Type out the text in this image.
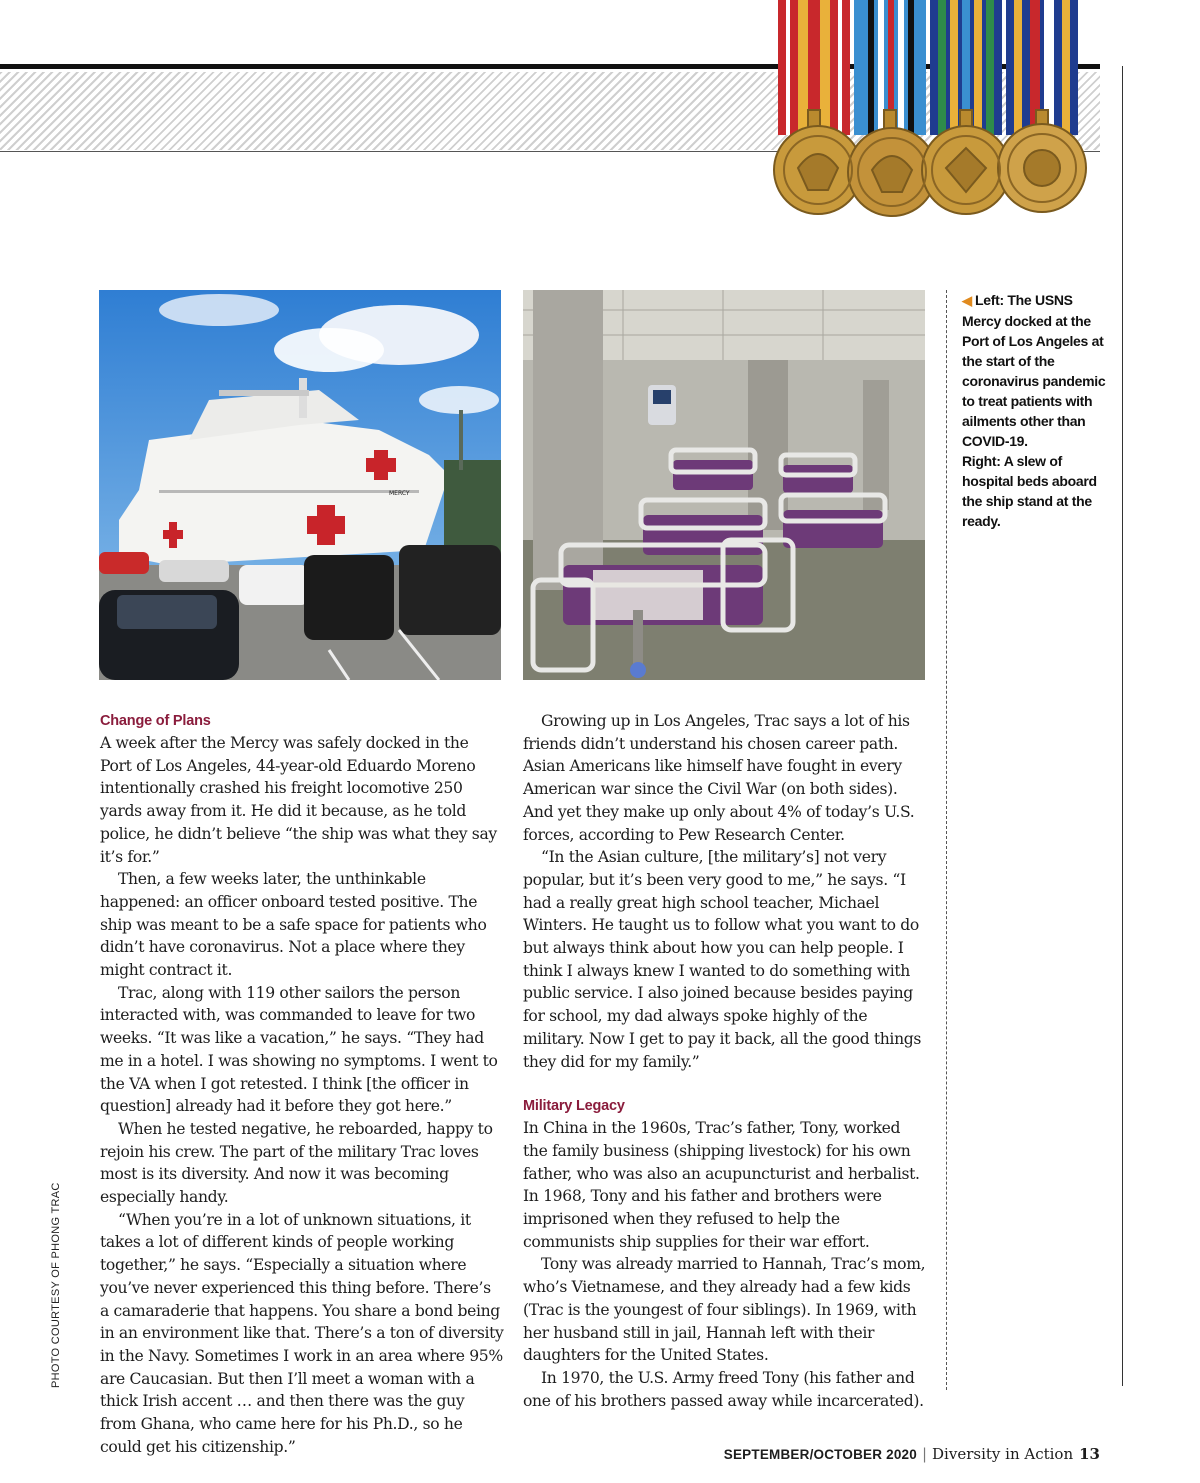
MERCY

◀ Left: The USNS Mercy docked at the Port of Los Angeles at the start of the coronavirus pandemic to treat patients with ailments other than COVID-19.

Right: A slew of hospital beds aboard the ship stand at the ready.

PHOTO COURTESY OF PHONG TRAC
Change of Plans

A week after the Mercy was safely docked in the Port of Los Angeles, 44-year-old Eduardo Moreno intentionally crashed his freight locomotive 250 yards away from it. He did it because, as he told police, he didn’t believe “the ship was what they say it’s for.”

Then, a few weeks later, the unthinkable happened: an officer onboard tested positive. The ship was meant to be a safe space for patients who didn’t have coronavirus. Not a place where they might contract it.

Trac, along with 119 other sailors the person interacted with, was commanded to leave for two weeks. “It was like a vacation,” he says. “They had me in a hotel. I was showing no symptoms. I went to the VA when I got retested. I think [the officer in question] already had it before they got here.”

When he tested negative, he reboarded, happy to rejoin his crew. The part of the military Trac loves most is its diversity. And now it was becoming especially handy.

“When you’re in a lot of unknown situations, it takes a lot of different kinds of people working together,” he says. “Especially a situation where you’ve never experienced this thing before. There’s a camaraderie that happens. You share a bond being in an environment like that. There’s a ton of diversity in the Navy. Sometimes I work in an area where 95% are Caucasian. But then I’ll meet a woman with a thick Irish accent … and then there was the guy from Ghana, who came here for his Ph.D., so he could get his citizenship.”

Growing up in Los Angeles, Trac says a lot of his friends didn’t understand his chosen career path. Asian Americans like himself have fought in every American war since the Civil War (on both sides). And yet they make up only about 4% of today’s U.S. forces, according to Pew Research Center.

“In the Asian culture, [the military’s] not very popular, but it’s been very good to me,” he says. “I had a really great high school teacher, Michael Winters. He taught us to follow what you want to do but always think about how you can help people. I think I always knew I wanted to do something with public service. I also joined because besides paying for school, my dad always spoke highly of the military. Now I get to pay it back, all the good things they did for my family.”

Military Legacy

In China in the 1960s, Trac’s father, Tony, worked the family business (shipping livestock) for his own father, who was also an acupuncturist and herbalist. In 1968, Tony and his father and brothers were imprisoned when they refused to help the communists ship supplies for their war effort.

Tony was already married to Hannah, Trac’s mom, who’s Vietnamese, and they already had a few kids (Trac is the youngest of four siblings). In 1969, with her husband still in jail, Hannah left with their daughters for the United States.

In 1970, the U.S. Army freed Tony (his father and one of his brothers passed away while incarcerated).

SEPTEMBER/OCTOBER 2020 | Diversity in Action 13
